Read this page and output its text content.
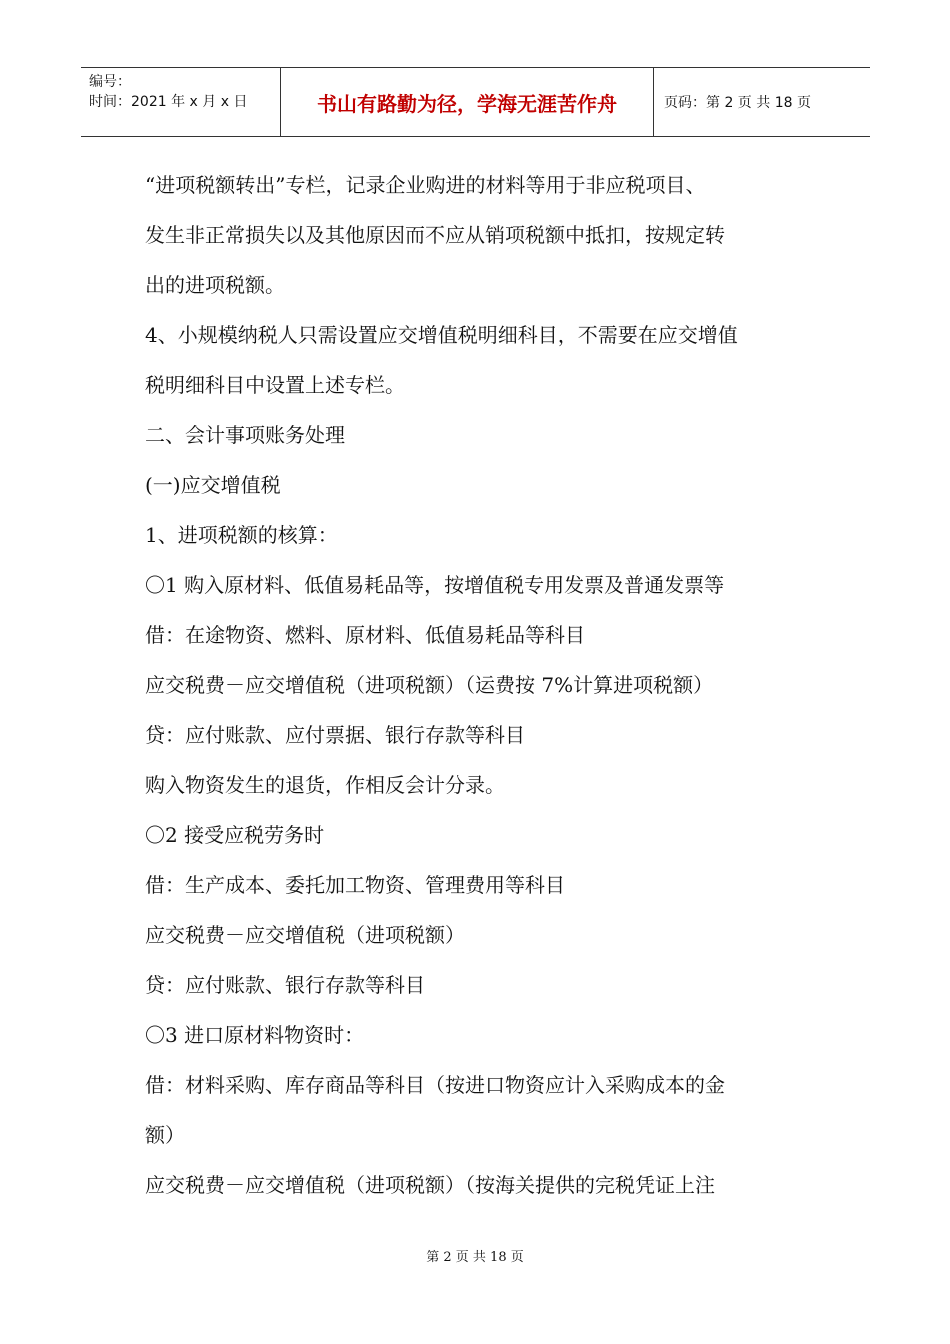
编号：
时间：2021 年 x 月 x 日	书山有路勤为径，学海无涯苦作舟	页码：第 2 页 共 18 页

“进项税额转出”专栏，记录企业购进的材料等用于非应税项目、

发生非正常损失以及其他原因而不应从销项税额中抵扣，按规定转

出的进项税额。

4、小规模纳税人只需设置应交增值税明细科目，不需要在应交增值

税明细科目中设置上述专栏。

二、会计事项账务处理

(一)应交增值税

1、进项税额的核算：

〇1 购入原材料、低值易耗品等，按增值税专用发票及普通发票等

借：在途物资、燃料、原材料、低值易耗品等科目

应交税费－应交增值税（进项税额）（运费按 7%计算进项税额）

贷：应付账款、应付票据、银行存款等科目

购入物资发生的退货，作相反会计分录。

〇2 接受应税劳务时

借：生产成本、委托加工物资、管理费用等科目

应交税费－应交增值税（进项税额）

贷：应付账款、银行存款等科目

〇3 进口原材料物资时：

借：材料采购、库存商品等科目（按进口物资应计入采购成本的金

额）

应交税费－应交增值税（进项税额）（按海关提供的完税凭证上注

第 2 页 共 18 页
